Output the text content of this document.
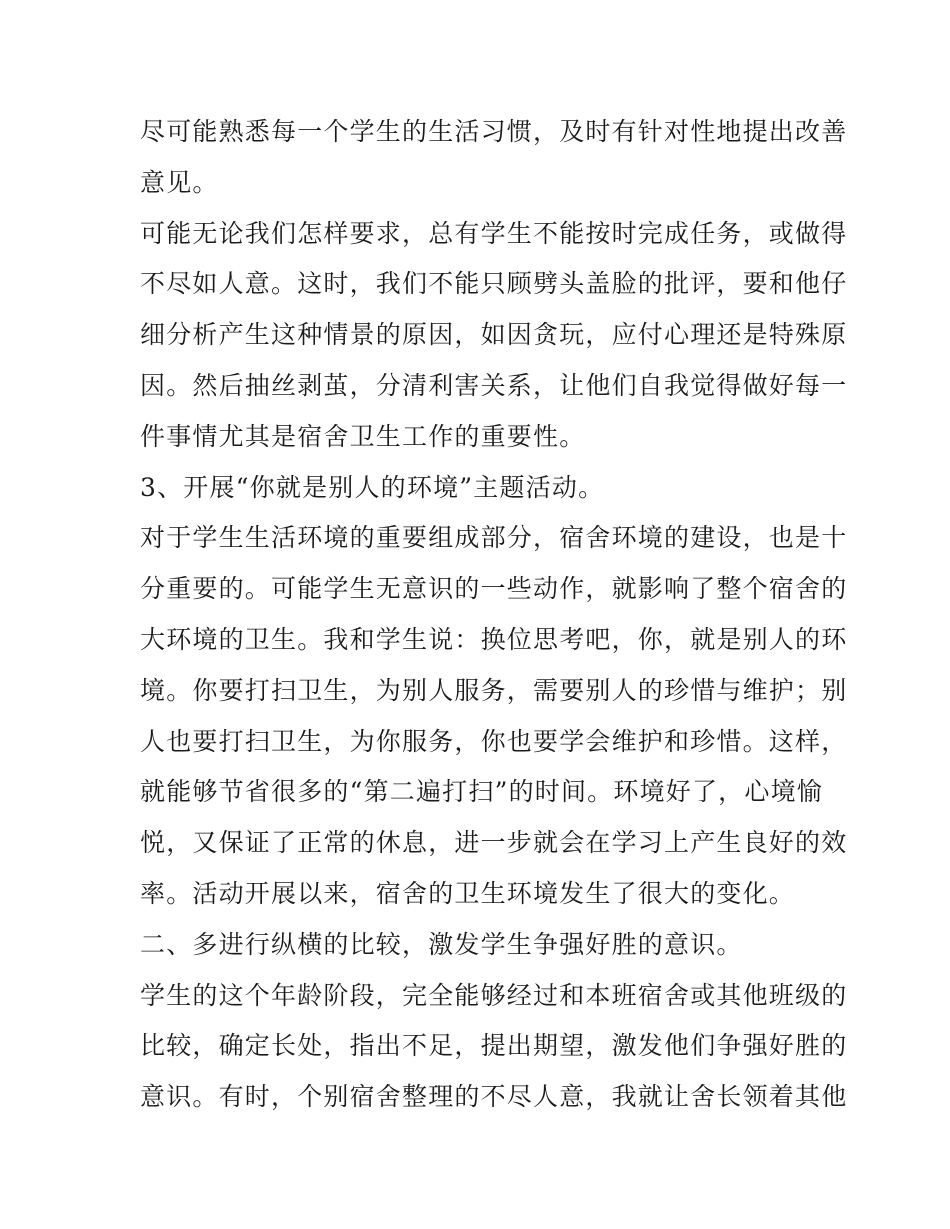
尽可能熟悉每一个学生的生活习惯，及时有针对性地提出改善
意见。
可能无论我们怎样要求，总有学生不能按时完成任务，或做得
不尽如人意。这时，我们不能只顾劈头盖脸的批评，要和他仔
细分析产生这种情景的原因，如因贪玩，应付心理还是特殊原
因。然后抽丝剥茧，分清利害关系，让他们自我觉得做好每一
件事情尤其是宿舍卫生工作的重要性。
3、开展“你就是别人的环境”主题活动。
对于学生生活环境的重要组成部分，宿舍环境的建设，也是十
分重要的。可能学生无意识的一些动作，就影响了整个宿舍的
大环境的卫生。我和学生说：换位思考吧，你，就是别人的环
境。你要打扫卫生，为别人服务，需要别人的珍惜与维护；别
人也要打扫卫生，为你服务，你也要学会维护和珍惜。这样，
就能够节省很多的“第二遍打扫”的时间。环境好了，心境愉
悦，又保证了正常的休息，进一步就会在学习上产生良好的效
率。活动开展以来，宿舍的卫生环境发生了很大的变化。
二、多进行纵横的比较，激发学生争强好胜的意识。
学生的这个年龄阶段，完全能够经过和本班宿舍或其他班级的
比较，确定长处，指出不足，提出期望，激发他们争强好胜的
意识。有时，个别宿舍整理的不尽人意，我就让舍长领着其他
